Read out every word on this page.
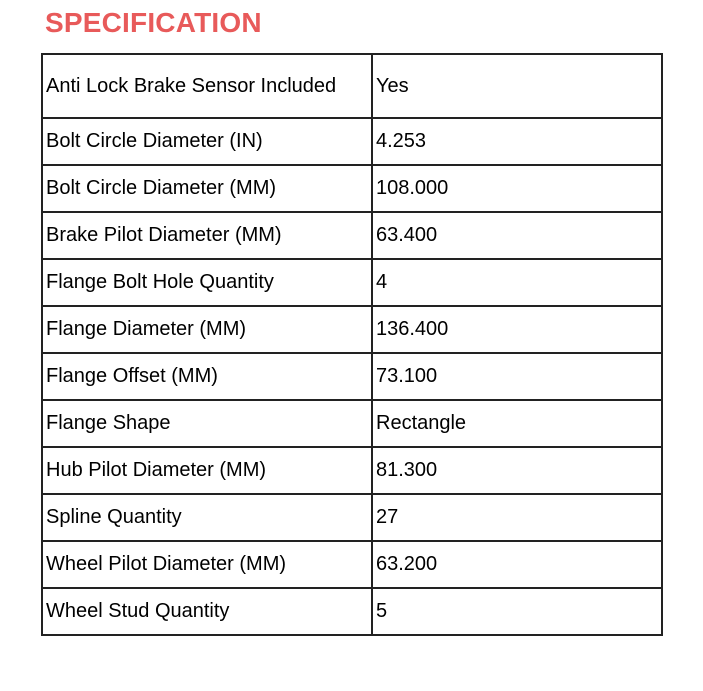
SPECIFICATION
Anti Lock Brake Sensor Included	Yes
Bolt Circle Diameter (IN)	4.253
Bolt Circle Diameter (MM)	108.000
Brake Pilot Diameter (MM)	63.400
Flange Bolt Hole Quantity	4
Flange Diameter (MM)	136.400
Flange Offset (MM)	73.100
Flange Shape	Rectangle
Hub Pilot Diameter (MM)	81.300
Spline Quantity	27
Wheel Pilot Diameter (MM)	63.200
Wheel Stud Quantity	5
